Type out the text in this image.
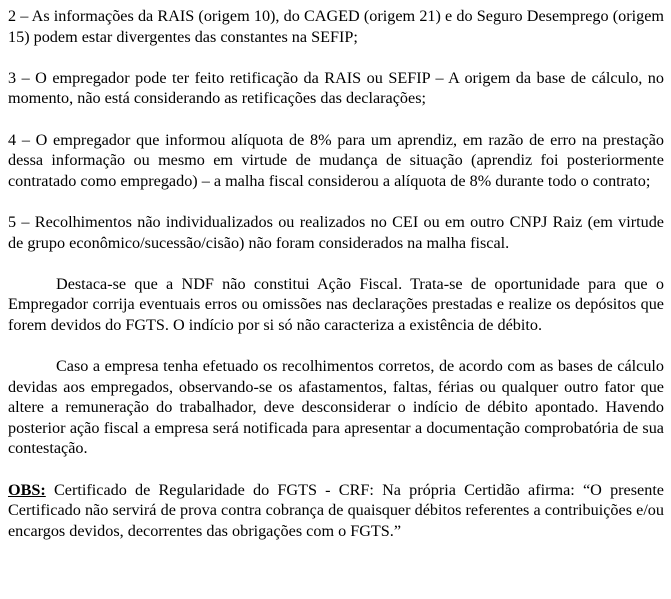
2 – As informações da RAIS (origem 10), do CAGED (origem 21) e do Seguro Desemprego (origem 15) podem estar divergentes das constantes na SEFIP;

3 – O empregador pode ter feito retificação da RAIS ou SEFIP – A origem da base de cálculo, no momento, não está considerando as retificações das declarações;

4 – O empregador que informou alíquota de 8% para um aprendiz, em razão de erro na prestação dessa informação ou mesmo em virtude de mudança de situação (aprendiz foi posteriormente contratado como empregado) – a malha fiscal considerou a alíquota de 8% durante todo o contrato;

5 – Recolhimentos não individualizados ou realizados no CEI ou em outro CNPJ Raiz (em virtude de grupo econômico/sucessão/cisão) não foram considerados na malha fiscal.

Destaca-se que a NDF não constitui Ação Fiscal. Trata-se de oportunidade para que o Empregador corrija eventuais erros ou omissões nas declarações prestadas e realize os depósitos que forem devidos do FGTS. O indício por si só não caracteriza a existência de débito.

Caso a empresa tenha efetuado os recolhimentos corretos, de acordo com as bases de cálculo devidas aos empregados, observando-se os afastamentos, faltas, férias ou qualquer outro fator que altere a remuneração do trabalhador, deve desconsiderar o indício de débito apontado. Havendo posterior ação fiscal a empresa será notificada para apresentar a documentação comprobatória de sua contestação.

OBS: Certificado de Regularidade do FGTS - CRF: Na própria Certidão afirma: “O presente Certificado não servirá de prova contra cobrança de quaisquer débitos referentes a contribuições e/ou encargos devidos, decorrentes das obrigações com o FGTS.”
